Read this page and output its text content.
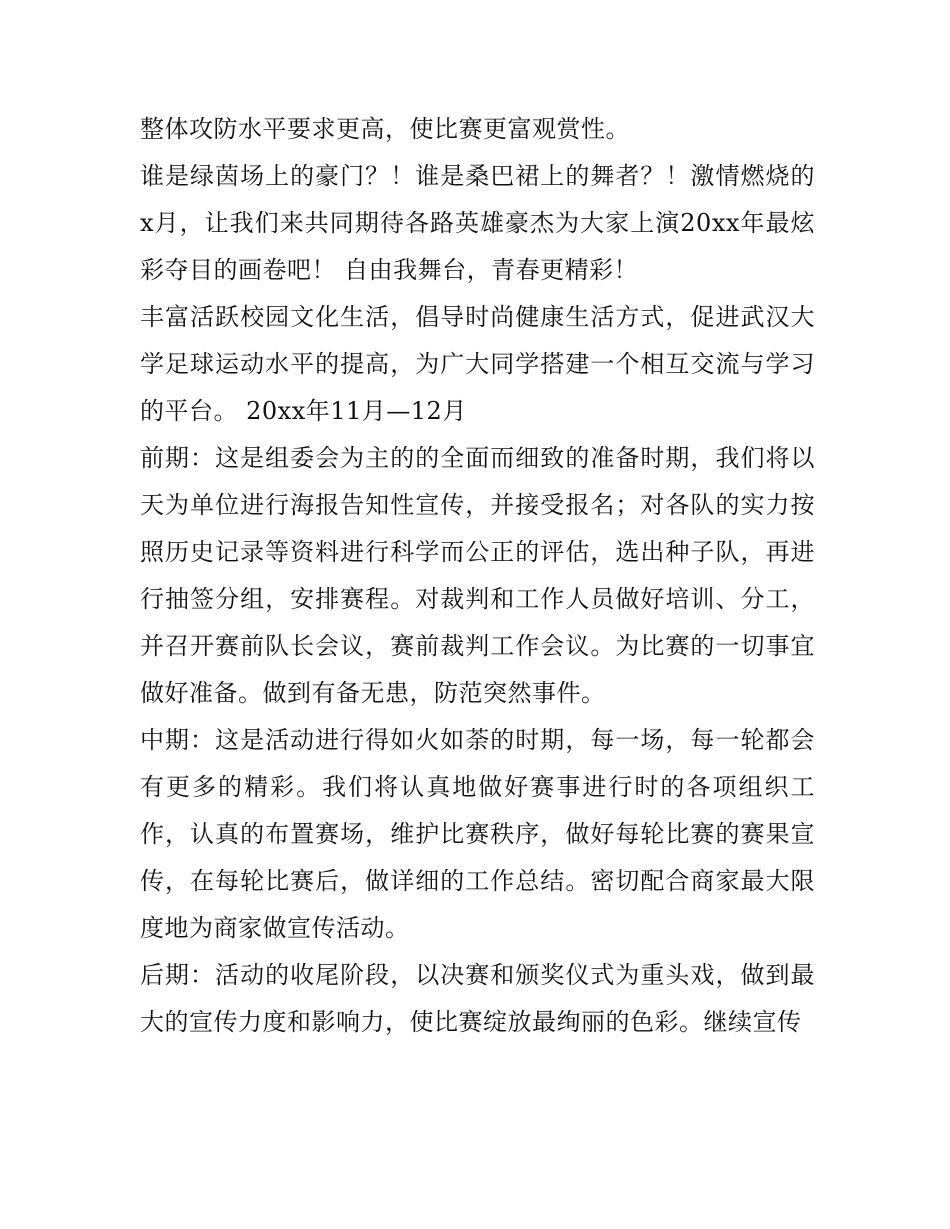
整体攻防水平要求更高，使比赛更富观赏性。

谁是绿茵场上的豪门？！谁是桑巴裙上的舞者？！激情燃烧的x月，让我们来共同期待各路英雄豪杰为大家上演20xx年最炫彩夺目的画卷吧！ 自由我舞台，青春更精彩！

丰富活跃校园文化生活，倡导时尚健康生活方式，促进武汉大学足球运动水平的提高，为广大同学搭建一个相互交流与学习的平台。 20xx年11月—12月

前期：这是组委会为主的的全面而细致的准备时期，我们将以天为单位进行海报告知性宣传，并接受报名；对各队的实力按照历史记录等资料进行科学而公正的评估，选出种子队，再进行抽签分组，安排赛程。对裁判和工作人员做好培训、分工，并召开赛前队长会议，赛前裁判工作会议。为比赛的一切事宜做好准备。做到有备无患，防范突然事件。

中期：这是活动进行得如火如荼的时期，每一场，每一轮都会有更多的精彩。我们将认真地做好赛事进行时的各项组织工作，认真的布置赛场，维护比赛秩序，做好每轮比赛的赛果宣传，在每轮比赛后，做详细的工作总结。密切配合商家最大限度地为商家做宣传活动。

后期：活动的收尾阶段，以决赛和颁奖仪式为重头戏，做到最大的宣传力度和影响力，使比赛绽放最绚丽的色彩。继续宣传
